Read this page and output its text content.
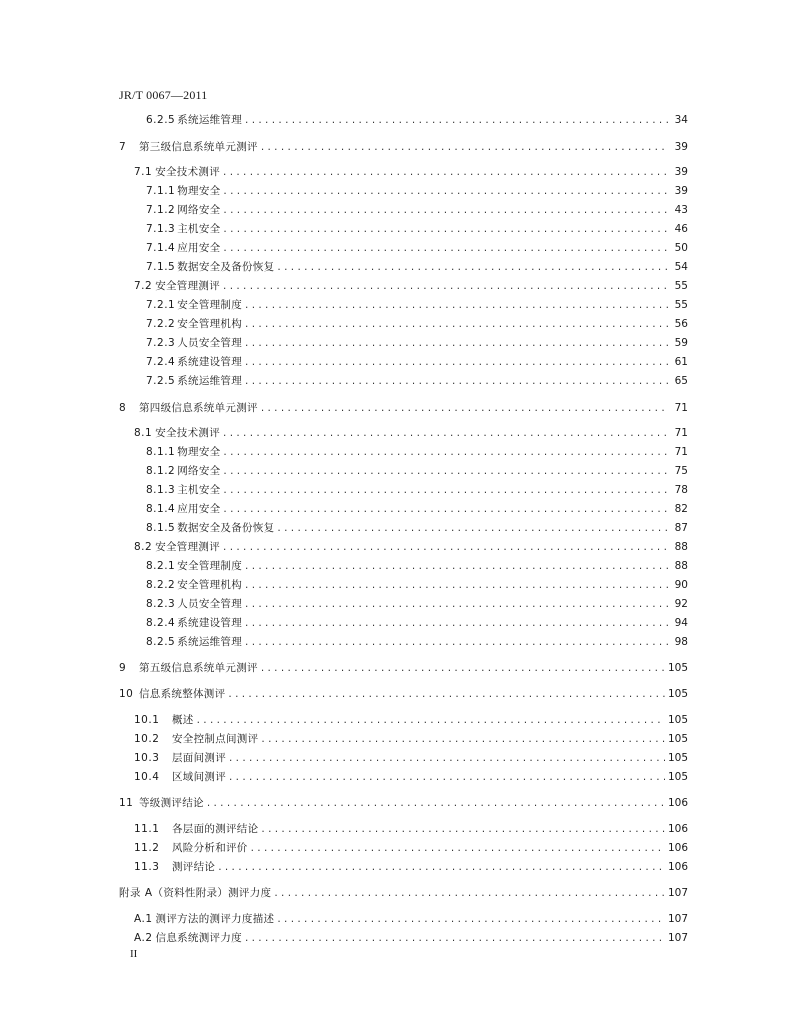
JR/T 0067—2011
6.2.5 系统运维管理 . . .	34
7	第三级信息系统单元测评 . . .	39
7.1 安全技术测评 . . .	39
7.1.1 物理安全 . . .	39
7.1.2 网络安全 . . .	43
7.1.3 主机安全 . . .	46
7.1.4 应用安全 . . .	50
7.1.5 数据安全及备份恢复 . . .	54
7.2 安全管理测评 . . .	55
7.2.1 安全管理制度 . . .	55
7.2.2 安全管理机构 . . .	56
7.2.3 人员安全管理 . . .	59
7.2.4 系统建设管理 . . .	61
7.2.5 系统运维管理 . . .	65
8	第四级信息系统单元测评 . . .	71
8.1 安全技术测评 . . .	71
8.1.1 物理安全 . . .	71
8.1.2 网络安全 . . .	75
8.1.3 主机安全 . . .	78
8.1.4 应用安全 . . .	82
8.1.5 数据安全及备份恢复 . . .	87
8.2 安全管理测评 . . .	88
8.2.1 安全管理制度 . . .	88
8.2.2 安全管理机构 . . .	90
8.2.3 人员安全管理 . . .	92
8.2.4 系统建设管理 . . .	94
8.2.5 系统运维管理 . . .	98
9	第五级信息系统单元测评 . . .	105
10 信息系统整体测评 . . .	105
10.1	概述 . . .	105
10.2	安全控制点间测评 . . .	105
10.3	层面间测评 . . .	105
10.4	区域间测评 . . .	105
11 等级测评结论 . . .	106
11.1	各层面的测评结论 . . .	106
11.2	风险分析和评价 . . .	106
11.3	测评结论 . . .	106
附录 A （资料性附录）测评力度 . . .	107
A.1 测评方法的测评力度描述 . . .	107
A.2 信息系统测评力度 . . .	107
II
